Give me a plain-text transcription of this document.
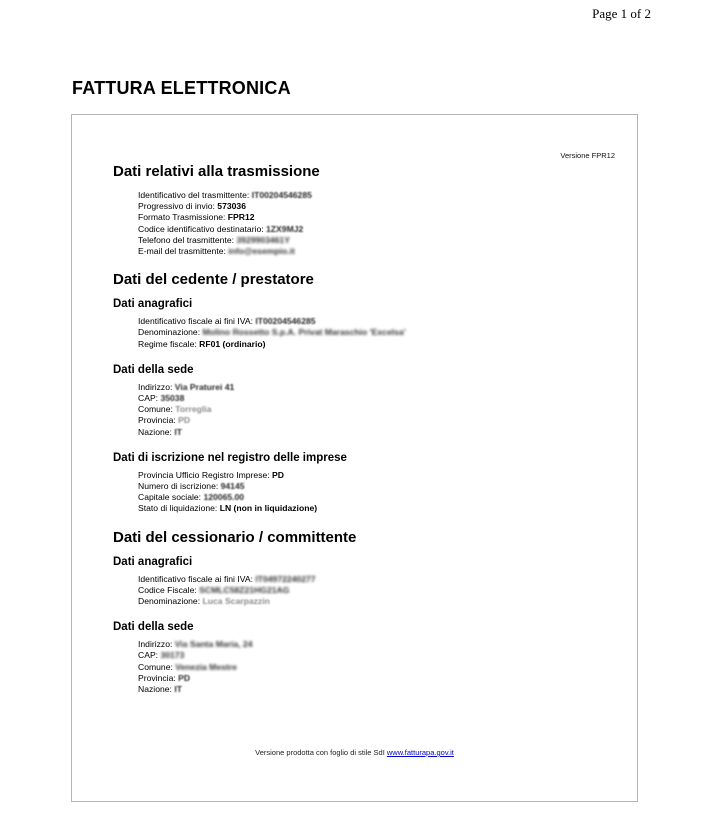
Page 1 of 2
FATTURA ELETTRONICA
Versione FPR12
Dati relativi alla trasmissione
Identificativo del trasmittente: IT00204546285
Progressivo di invio: 573036
Formato Trasmissione: FPR12
Codice identificativo destinatario: 1ZX9MJ2
Telefono del trasmittente: 3929903461Y
E-mail del trasmittente: info@esempio.it
Dati del cedente / prestatore
Dati anagrafici
Identificativo fiscale ai fini IVA: IT00204546285
Denominazione: Molino Rossetto S.p.A. Privat Maraschio 'Excelsa'
Regime fiscale: RF01 (ordinario)
Dati della sede
Indirizzo: Via Praturei 41
CAP: 35038
Comune: Torreglia
Provincia: PD
Nazione: IT
Dati di iscrizione nel registro delle imprese
Provincia Ufficio Registro Imprese: PD
Numero di iscrizione: 94145
Capitale sociale: 120065.00
Stato di liquidazione: LN (non in liquidazione)
Dati del cessionario / committente
Dati anagrafici
Identificativo fiscale ai fini IVA: IT04972240277
Codice Fiscale: SCMLC58Z21HG21AG
Denominazione: Luca Scarpazzin
Dati della sede
Indirizzo: Via Santa Maria, 24
CAP: 30173
Comune: Venezia Mestre
Provincia: PD
Nazione: IT
Versione prodotta con foglio di stile SdI www.fatturapa.gov.it
